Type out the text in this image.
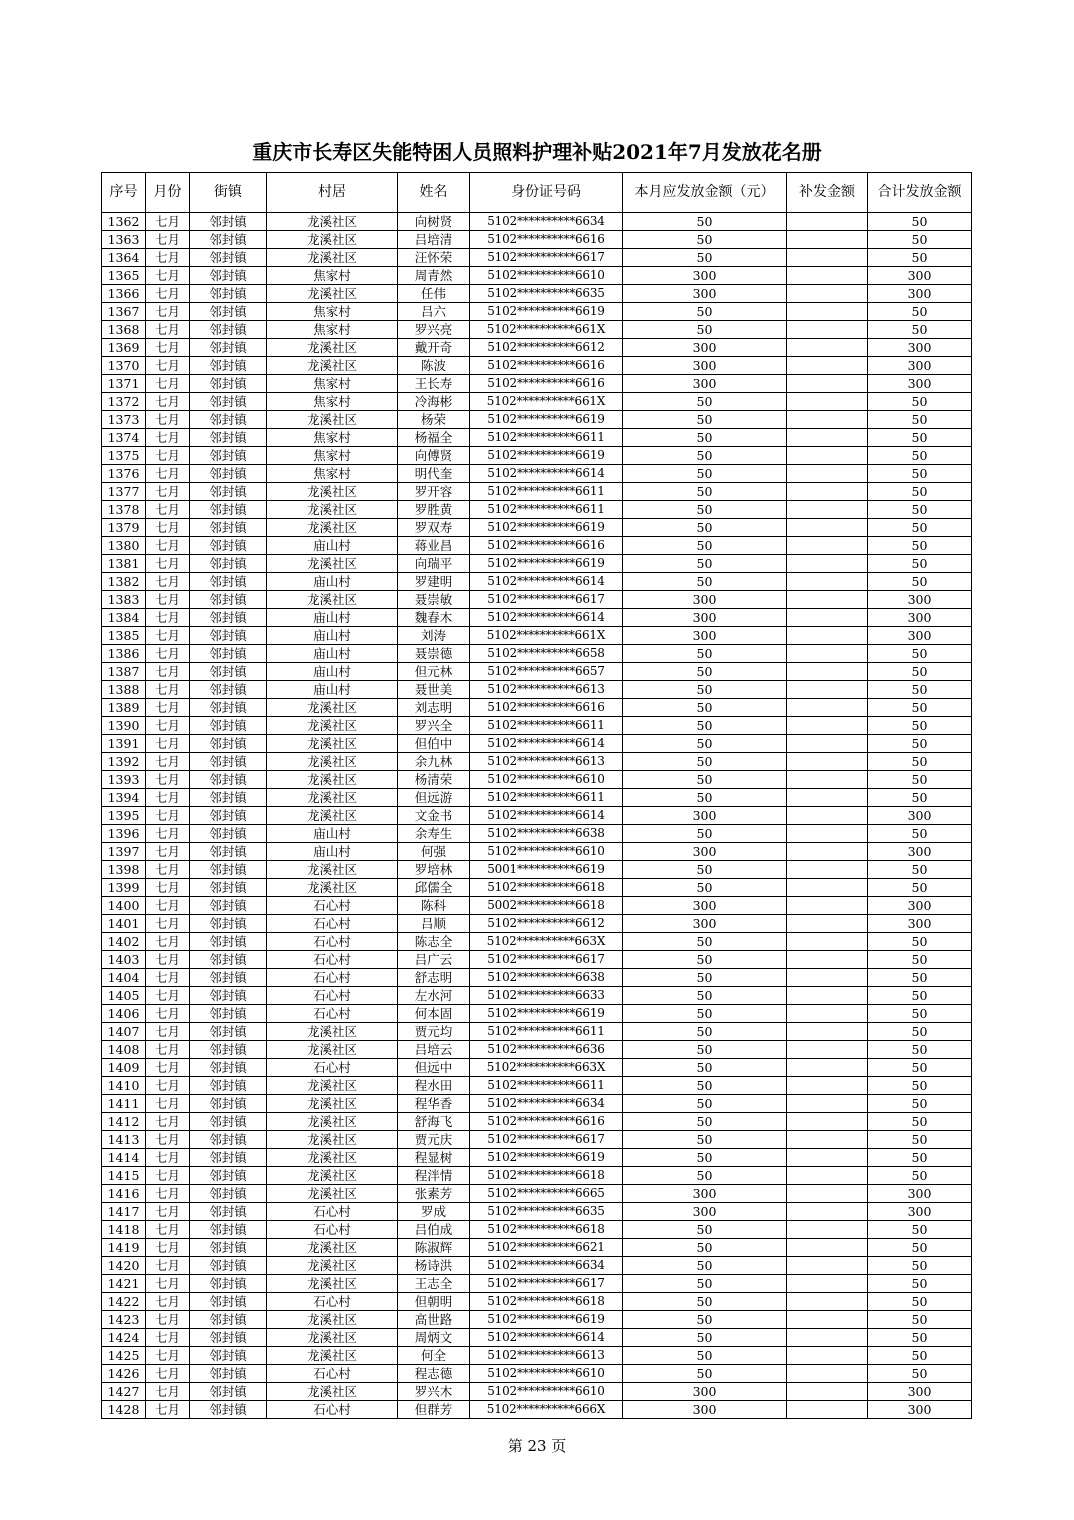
重庆市长寿区失能特困人员照料护理补贴2021年7月发放花名册
序号	月份	街镇	村居	姓名	身份证号码	本月应发放金额（元）	补发金额	合计发放金额
1362	七月	邻封镇	龙溪社区	向树贤	5102**********6634	50		50
1363	七月	邻封镇	龙溪社区	吕培清	5102**********6616	50		50
1364	七月	邻封镇	龙溪社区	汪怀荣	5102**********6617	50		50
1365	七月	邻封镇	焦家村	周青然	5102**********6610	300		300
1366	七月	邻封镇	龙溪社区	任伟	5102**********6635	300		300
1367	七月	邻封镇	焦家村	吕六	5102**********6619	50		50
1368	七月	邻封镇	焦家村	罗兴亮	5102**********661X	50		50
1369	七月	邻封镇	龙溪社区	戴开奇	5102**********6612	300		300
1370	七月	邻封镇	龙溪社区	陈波	5102**********6616	300		300
1371	七月	邻封镇	焦家村	王长寿	5102**********6616	300		300
1372	七月	邻封镇	焦家村	冷海彬	5102**********661X	50		50
1373	七月	邻封镇	龙溪社区	杨荣	5102**********6619	50		50
1374	七月	邻封镇	焦家村	杨福全	5102**********6611	50		50
1375	七月	邻封镇	焦家村	向傅贤	5102**********6619	50		50
1376	七月	邻封镇	焦家村	明代奎	5102**********6614	50		50
1377	七月	邻封镇	龙溪社区	罗开容	5102**********6611	50		50
1378	七月	邻封镇	龙溪社区	罗胜黄	5102**********6611	50		50
1379	七月	邻封镇	龙溪社区	罗双寿	5102**********6619	50		50
1380	七月	邻封镇	庙山村	蒋业昌	5102**********6616	50		50
1381	七月	邻封镇	龙溪社区	向瑞平	5102**********6619	50		50
1382	七月	邻封镇	庙山村	罗建明	5102**********6614	50		50
1383	七月	邻封镇	龙溪社区	聂崇敏	5102**********6617	300		300
1384	七月	邻封镇	庙山村	魏春木	5102**********6614	300		300
1385	七月	邻封镇	庙山村	刘涛	5102**********661X	300		300
1386	七月	邻封镇	庙山村	聂崇德	5102**********6658	50		50
1387	七月	邻封镇	庙山村	但元林	5102**********6657	50		50
1388	七月	邻封镇	庙山村	聂世美	5102**********6613	50		50
1389	七月	邻封镇	龙溪社区	刘志明	5102**********6616	50		50
1390	七月	邻封镇	龙溪社区	罗兴全	5102**********6611	50		50
1391	七月	邻封镇	龙溪社区	但伯中	5102**********6614	50		50
1392	七月	邻封镇	龙溪社区	余九林	5102**********6613	50		50
1393	七月	邻封镇	龙溪社区	杨清荣	5102**********6610	50		50
1394	七月	邻封镇	龙溪社区	但远游	5102**********6611	50		50
1395	七月	邻封镇	龙溪社区	文金书	5102**********6614	300		300
1396	七月	邻封镇	庙山村	余寿生	5102**********6638	50		50
1397	七月	邻封镇	庙山村	何强	5102**********6610	300		300
1398	七月	邻封镇	龙溪社区	罗培林	5001**********6619	50		50
1399	七月	邻封镇	龙溪社区	邱儒全	5102**********6618	50		50
1400	七月	邻封镇	石心村	陈科	5002**********6618	300		300
1401	七月	邻封镇	石心村	吕顺	5102**********6612	300		300
1402	七月	邻封镇	石心村	陈志全	5102**********663X	50		50
1403	七月	邻封镇	石心村	吕广云	5102**********6617	50		50
1404	七月	邻封镇	石心村	舒志明	5102**********6638	50		50
1405	七月	邻封镇	石心村	左水河	5102**********6633	50		50
1406	七月	邻封镇	石心村	何本固	5102**********6619	50		50
1407	七月	邻封镇	龙溪社区	贾元均	5102**********6611	50		50
1408	七月	邻封镇	龙溪社区	吕培云	5102**********6636	50		50
1409	七月	邻封镇	石心村	但远中	5102**********663X	50		50
1410	七月	邻封镇	龙溪社区	程水田	5102**********6611	50		50
1411	七月	邻封镇	龙溪社区	程华香	5102**********6634	50		50
1412	七月	邻封镇	龙溪社区	舒海飞	5102**********6616	50		50
1413	七月	邻封镇	龙溪社区	贾元庆	5102**********6617	50		50
1414	七月	邻封镇	龙溪社区	程显树	5102**********6619	50		50
1415	七月	邻封镇	龙溪社区	程泮情	5102**********6618	50		50
1416	七月	邻封镇	龙溪社区	张素芳	5102**********6665	300		300
1417	七月	邻封镇	石心村	罗成	5102**********6635	300		300
1418	七月	邻封镇	石心村	吕伯成	5102**********6618	50		50
1419	七月	邻封镇	龙溪社区	陈淑辉	5102**********6621	50		50
1420	七月	邻封镇	龙溪社区	杨诗洪	5102**********6634	50		50
1421	七月	邻封镇	龙溪社区	王志全	5102**********6617	50		50
1422	七月	邻封镇	石心村	但朝明	5102**********6618	50		50
1423	七月	邻封镇	龙溪社区	高世路	5102**********6619	50		50
1424	七月	邻封镇	龙溪社区	周炳文	5102**********6614	50		50
1425	七月	邻封镇	龙溪社区	何全	5102**********6613	50		50
1426	七月	邻封镇	石心村	程志德	5102**********6610	50		50
1427	七月	邻封镇	龙溪社区	罗兴木	5102**********6610	300		300
1428	七月	邻封镇	石心村	但群芳	5102**********666X	300		300
第 23 页
